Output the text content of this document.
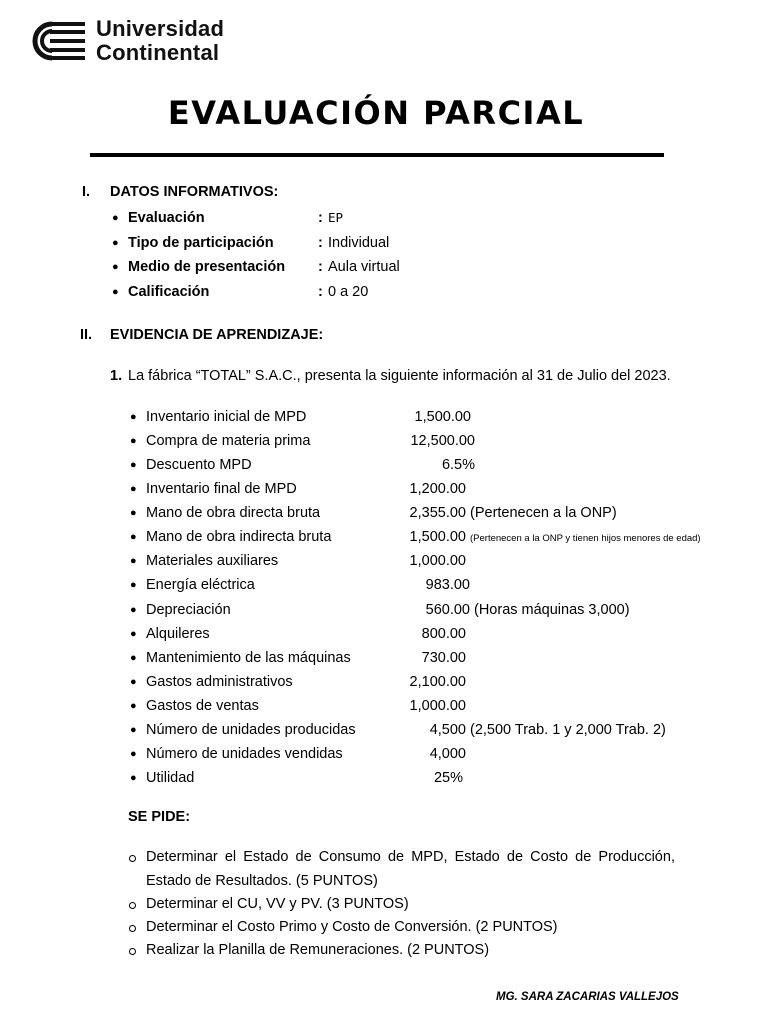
Universidad
Continental
EVALUACIÓN PARCIAL
I. DATOS INFORMATIVOS:
● Evaluación	: EP
● Tipo de participación	: Individual
● Medio de presentación : Aula virtual
● Calificación	: 0 a 20
II. EVIDENCIA DE APRENDIZAJE:
1. La fábrica “TOTAL” S.A.C., presenta la siguiente información al 31 de Julio del 2023.
● Inventario inicial de MPD	1,500.00
● Compra de materia prima	12,500.00
● Descuento MPD	6.5%
● Inventario final de MPD	1,200.00
● Mano de obra directa bruta	2,355.00 (Pertenecen a la ONP)
● Mano de obra indirecta bruta	1,500.00 (Pertenecen a la ONP y tienen hijos menores de edad)
● Materiales auxiliares	1,000.00
● Energía eléctrica	983.00
● Depreciación	560.00 (Horas máquinas 3,000)
● Alquileres	800.00
● Mantenimiento de las máquinas	730.00
● Gastos administrativos	2,100.00
● Gastos de ventas	1,000.00
● Número de unidades producidas	4,500 (2,500 Trab. 1 y 2,000 Trab. 2)
● Número de unidades vendidas	4,000
● Utilidad	25%
SE PIDE:
Determinar el Estado de Consumo de MPD, Estado de Costo de Producción,
Estado de Resultados. (5 PUNTOS)
Determinar el CU, VV y PV. (3 PUNTOS)
Determinar el Costo Primo y Costo de Conversión. (2 PUNTOS)
Realizar la Planilla de Remuneraciones. (2 PUNTOS)
MG. SARA ZACARIAS VALLEJOS
